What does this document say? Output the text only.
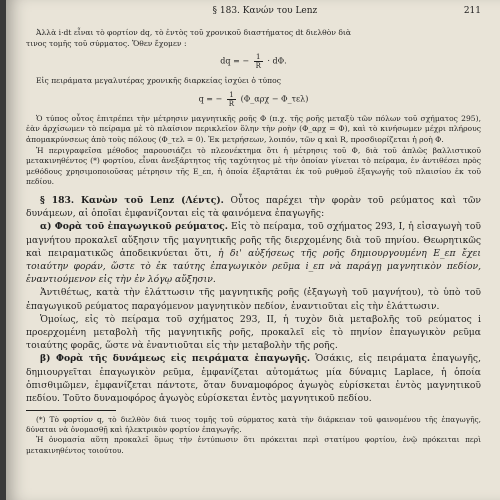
§ 183. Κανών του Lenz	211

Ἀλλὰ i·dt εἶναι τὸ φορτίον dq, τὸ ἐντὸς τοῦ χρονικοῦ διαστήματος dt διελθὸν διὰ

τινος τομῆς τοῦ σύρματος. Ὅθεν ἔχομεν :

dq = − $\frac{1}{R} \cdot d\Phi$.

Εἰς πειράματα μεγαλυτέρας χρονικῆς διαρκείας ἰσχύει ὁ τύπος

q = − $\frac{1}{R}$ (Φ_αρχ − Φ_τελ)

Ὁ τύπος οὗτος ἐπιτρέπει τὴν μέτρησιν μαγνητικῆς ροῆς Φ (π.χ. τῆς ροῆς μεταξὺ τῶν πόλων τοῦ σχήματος 295), ἐὰν ἀρχίσωμεν τὸ πείραμα μὲ τὸ πλαίσιον περικλεῖον ὅλην τὴν ροὴν (Φ_αρχ = Φ), καὶ τὸ κινήσωμεν μέχρι πλήρους ἀπομακρύνσεως ἀπὸ τοὺς πόλους (Φ_τελ = 0). Ἐκ μετρήσεων, λοιπόν, τῶν q καὶ R, προσδιορίζεται ἡ ροὴ Φ.

Ἡ περιγραφεῖσα μέθοδος παρουσιάζει τὸ πλεονέκτημα ὅτι ἡ μέτρησις τοῦ Φ, διὰ τοῦ ἀπλῶς βαλλιστικοῦ μετακινηθέντος (*) φορτίου, εἶναι ἀνεξάρτητος τῆς ταχύτητος μὲ τὴν ὁποίαν γίνεται τὸ πείραμα, ἐν ἀντιθέσει πρὸς μεθόδους χρησιμοποιοῦσας μέτρησιν τῆς E_επ, ἡ ὁποία ἐξαρτᾶται ἐκ τοῦ ρυθμοῦ ἐξαγωγῆς τοῦ πλαισίου ἐκ τοῦ πεδίου.

§ 183. Κανὼν τοῦ Lenz (Λέντς). Οὗτος παρέχει τὴν φορὰν τοῦ ρεύματος καὶ τῶν δυνάμεων, αἱ ὁποῖαι ἐμφανίζονται εἰς τὰ φαινόμενα ἐπαγωγῆς:

α) Φορὰ τοῦ ἐπαγωγικοῦ ρεύματος. Εἰς τὸ πείραμα, τοῦ σχήματος 293, I, ἡ εἰσαγωγὴ τοῦ μαγνήτου προκαλεῖ αὔξησιν τῆς μαγνητικῆς ροῆς τῆς διερχομένης διὰ τοῦ πηνίου. Θεωρητικῶς καὶ πειραματικῶς ἀποδεικνύεται ὅτι, ἡ δι' αὐξήσεως τῆς ροῆς δημιουργουμένη E_επ ἔχει τοιαύτην φοράν, ὥστε τὸ ἐκ ταύτης ἐπαγωγικὸν ρεῦμα i_επ νὰ παράγῃ μαγνητικὸν πεδίον, ἐναντιούμενον εἰς τὴν ἐν λόγῳ αὔξησιν.

Ἀντιθέτως, κατὰ τὴν ἐλάττωσιν τῆς μαγνητικῆς ροῆς (ἐξαγωγὴ τοῦ μαγνήτου), τὸ ὑπὸ τοῦ ἐπαγωγικοῦ ρεύματος παραγόμενον μαγνητικὸν πεδίον, ἐναντιοῦται εἰς τὴν ἐλάττωσιν.

Ὁμοίως, εἰς τὸ πείραμα τοῦ σχήματος 293, II, ἡ τυχὸν διὰ μεταβολῆς τοῦ ρεύματος i προερχομένη μεταβολὴ τῆς μαγνητικῆς ροῆς, προκαλεῖ εἰς τὸ πηνίον ἐπαγωγικὸν ρεῦμα τοιαύτης φορᾶς, ὥστε νὰ ἐναντιοῦται εἰς τὴν μεταβολὴν τῆς ροῆς.

β) Φορὰ τῆς δυνάμεως εἰς πειράματα ἐπαγωγῆς. Ὁσάκις, εἰς πειράματα ἐπαγωγῆς, δημιουργεῖται ἐπαγωγικὸν ρεῦμα, ἐμφανίζεται αὐτομάτως μία δύναμις Laplace, ἡ ὁποία ὀπισθιμῶμεν, ἐμφανίζεται πάντοτε, ὅταν δυναμοφόρος ἀγωγὸς εὑρίσκεται ἐντὸς μαγνητικοῦ πεδίου. Τοῦτο δυναμοφόρος ἀγωγὸς εὑρίσκεται ἐντὸς μαγνητικοῦ πεδίου.

(*) Τὸ φορτίον q, τὸ διελθὸν διά τινος τομῆς τοῦ σύρματος κατὰ τὴν διάρκειαν τοῦ φαινομένου τῆς ἐπαγωγῆς, δύναται νὰ ὀνομασθῇ καὶ ἠλεκτρικὸν φορτίον ἐπαγωγῆς.

Ἡ ὀνομασία αὕτη προκαλεῖ ὅμως τὴν ἐντύπωσιν ὅτι πρόκειται περὶ στατίμου φορτίου, ἐνῷ πρόκειται περὶ μετακινηθέντος τοιούτου.
